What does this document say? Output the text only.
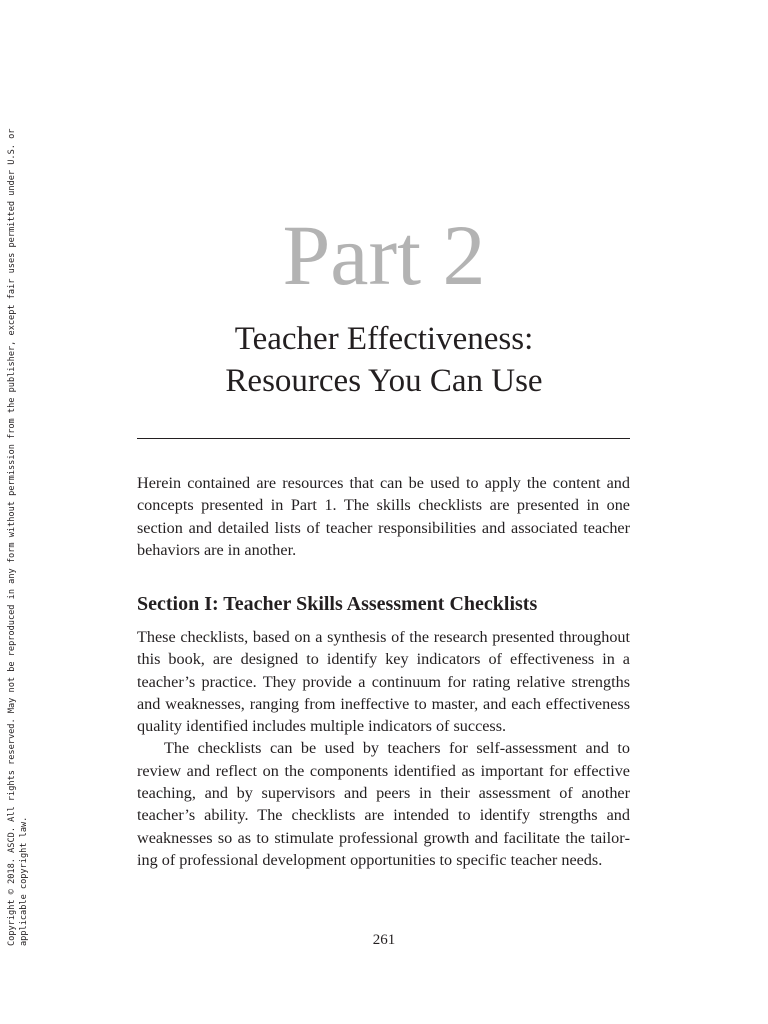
Copyright © 2018. ASCD. All rights reserved. May not be reproduced in any form without permission from the publisher, except fair uses permitted under U.S. or applicable copyright law.
Part 2
Teacher Effectiveness:
Resources You Can Use

Herein contained are resources that can be used to apply the content and concepts presented in Part 1. The skills checklists are presented in one section and detailed lists of teacher responsibilities and associated teacher behaviors are in another.

Section I: Teacher Skills Assessment Checklists

These checklists, based on a synthesis of the research presented throughout this book, are designed to identify key indicators of effectiveness in a teacher’s practice. They provide a continuum for rating relative strengths and weaknesses, ranging from ineffective to master, and each effectiveness quality identified includes multiple indicators of success.

The checklists can be used by teachers for self-assessment and to review and reflect on the components identified as important for effective teaching, and by supervisors and peers in their assessment of another teacher’s ability. The checklists are intended to identify strengths and weaknesses so as to stimulate professional growth and facilitate the tailoring of professional development opportunities to specific teacher needs.

261
